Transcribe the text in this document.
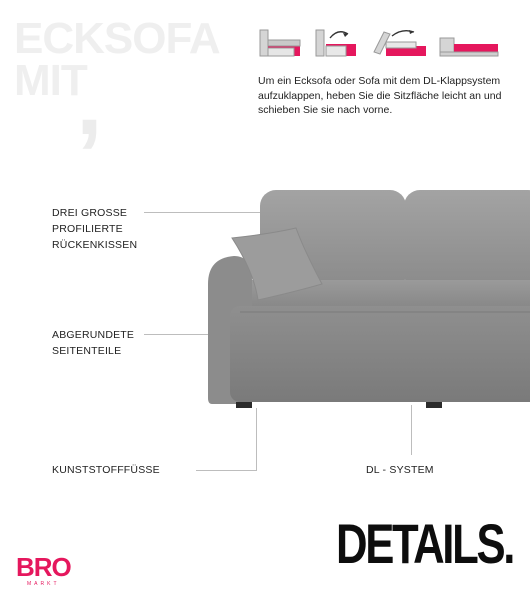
ECKSOFA
MIT
,	Um ein Ecksofa oder Sofa mit dem DL-Klappsystem aufzuklappen, heben Sie die Sitzfläche leicht an und schieben Sie sie nach vorne.
DREI GROSSE
PROFILIERTE
RÜCKENKISSEN
ABGERUNDETE
SEITENTEILE
KUNSTSTOFFFÜSSE	DL - SYSTEM
DETAILS.
BRO
MARKT
